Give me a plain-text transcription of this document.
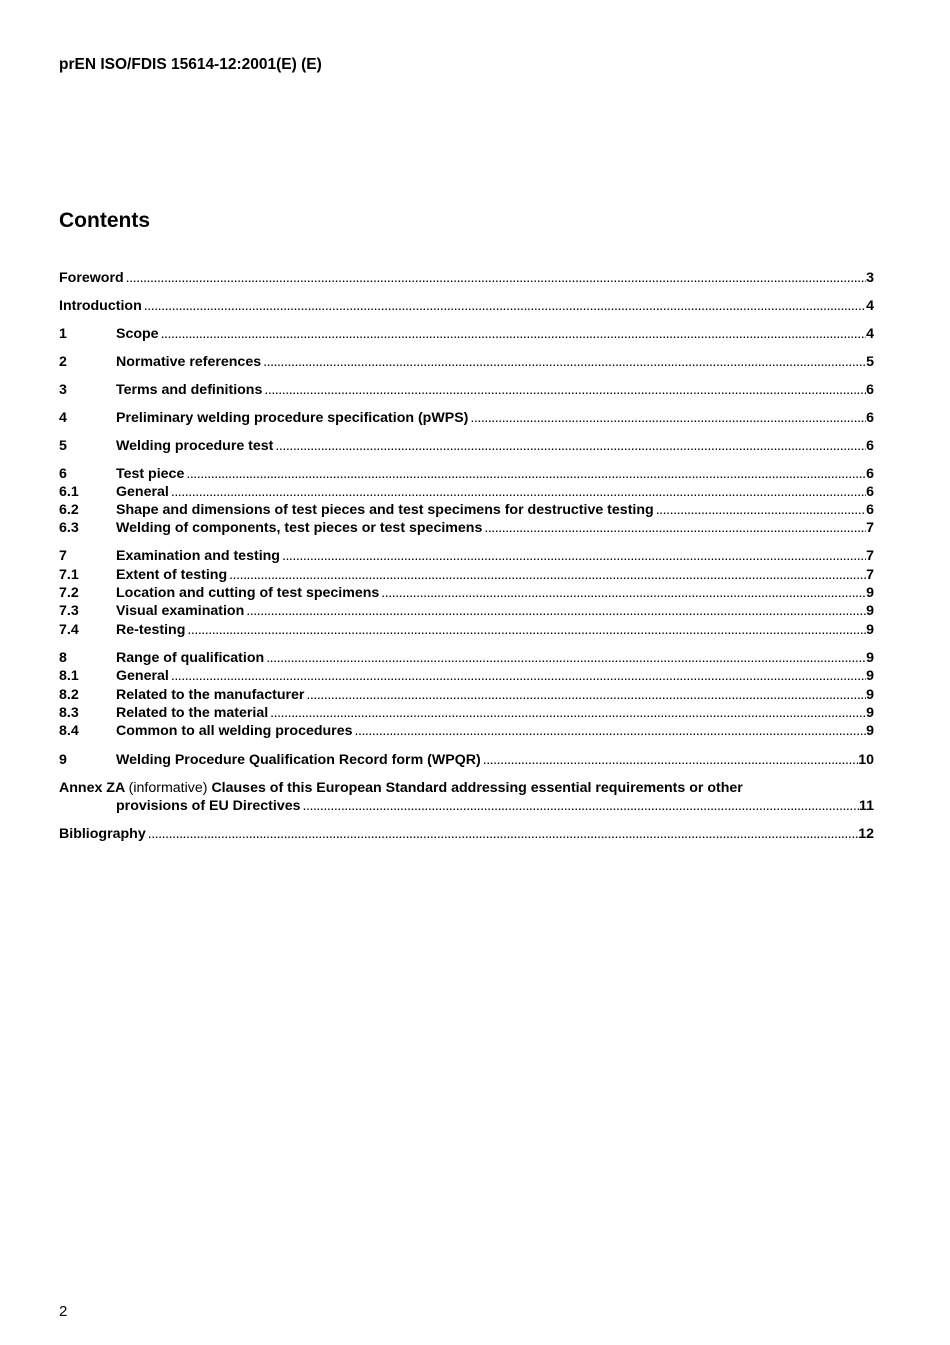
prEN ISO/FDIS 15614-12:2001(E) (E)
Contents
Foreword . . .	3
Introduction . . .	4
1	Scope . . .	4
2	Normative references . . .	5
3	Terms and definitions . . .	6
4	Preliminary welding procedure specification (pWPS) . . .	6
5	Welding procedure test . . .	6
6	Test piece . . .	6
6.1	General . . .	6
6.2	Shape and dimensions of test pieces and test specimens for destructive testing . . .	6
6.3	Welding of components, test pieces or test specimens . . .	7
7	Examination and testing . . .	7
7.1	Extent of testing . . .	7
7.2	Location and cutting of test specimens . . .	9
7.3	Visual examination . . .	9
7.4	Re-testing . . .	9
8	Range of qualification . . .	9
8.1	General . . .	9
8.2	Related to the manufacturer . . .	9
8.3	Related to the material . . .	9
8.4	Common to all welding procedures . . .	9
9	Welding Procedure Qualification Record form (WPQR) . . .	10
Annex ZA (informative) Clauses of this European Standard addressing essential requirements or other
provisions of EU Directives . . .	11
Bibliography . . .	12
2
